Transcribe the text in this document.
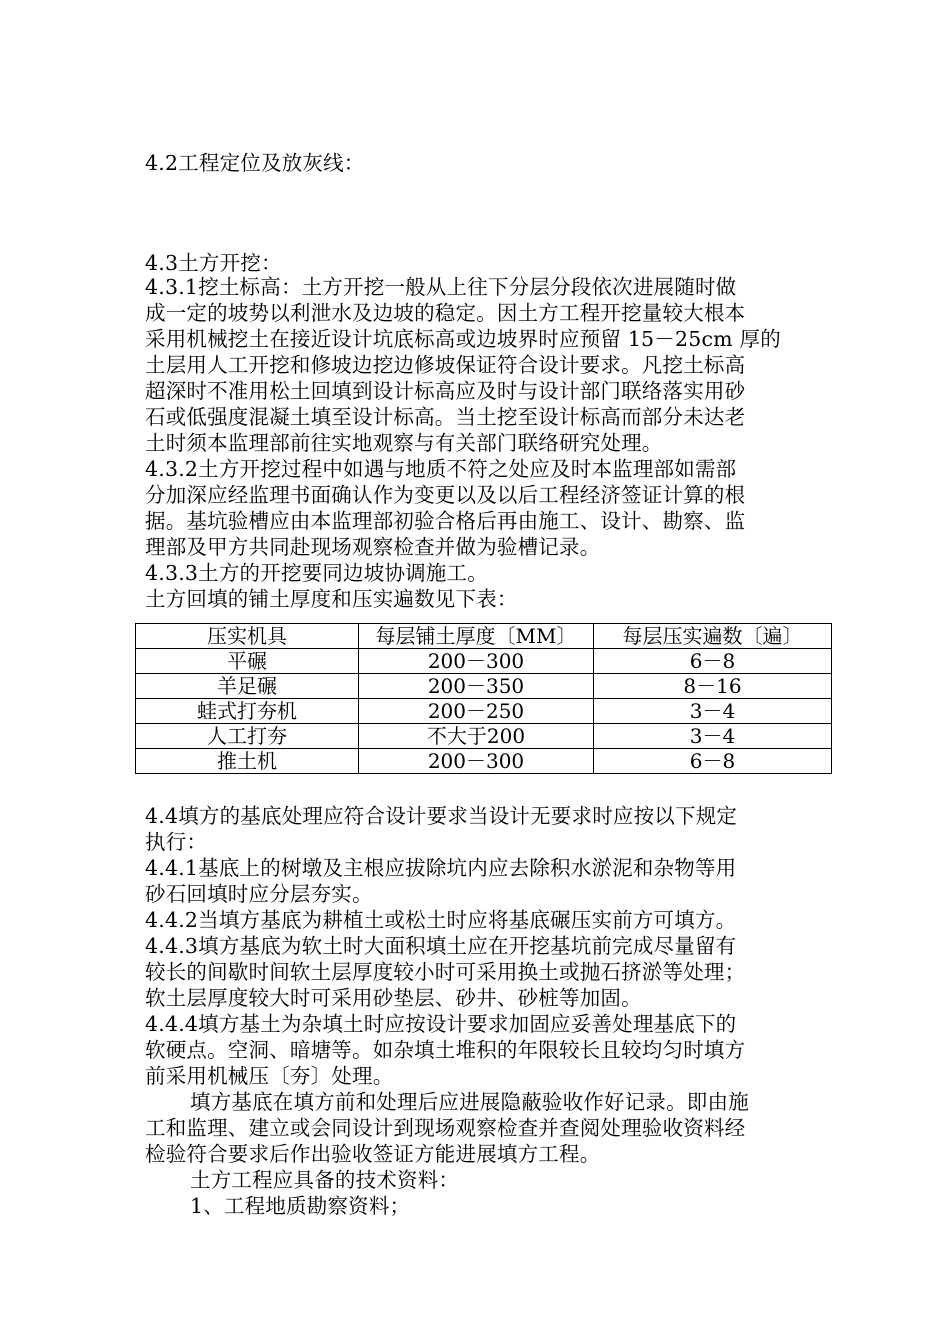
4.2工程定位及放灰线：
4.3土方开挖：
4.3.1挖土标高：土方开挖一般从上往下分层分段依次进展随时做
成一定的坡势以利泄水及边坡的稳定。因土方工程开挖量较大根本
采用机械挖土在接近设计坑底标高或边坡界时应预留 15－25cm 厚的
土层用人工开挖和修坡边挖边修坡保证符合设计要求。凡挖土标高
超深时不准用松土回填到设计标高应及时与设计部门联络落实用砂
石或低强度混凝土填至设计标高。当土挖至设计标高而部分未达老
土时须本监理部前往实地观察与有关部门联络研究处理。
4.3.2土方开挖过程中如遇与地质不符之处应及时本监理部如需部
分加深应经监理书面确认作为变更以及以后工程经济签证计算的根
据。基坑验槽应由本监理部初验合格后再由施工、设计、勘察、监
理部及甲方共同赴现场观察检查并做为验槽记录。
4.3.3土方的开挖要同边坡协调施工。
土方回填的铺土厚度和压实遍数见下表：
压实机具	每层铺土厚度〔MM〕	每层压实遍数〔遍〕
平碾	200－300	6－8
羊足碾	200－350	8－16
蛙式打夯机	200－250	3－4
人工打夯	不大于200	3－4
推土机	200－300	6－8
4.4填方的基底处理应符合设计要求当设计无要求时应按以下规定
执行：
4.4.1基底上的树墩及主根应拔除坑内应去除积水淤泥和杂物等用
砂石回填时应分层夯实。
4.4.2当填方基底为耕植土或松土时应将基底碾压实前方可填方。
4.4.3填方基底为软土时大面积填土应在开挖基坑前完成尽量留有
较长的间歇时间软土层厚度较小时可采用换土或抛石挤淤等处理；
软土层厚度较大时可采用砂垫层、砂井、砂桩等加固。
4.4.4填方基土为杂填土时应按设计要求加固应妥善处理基底下的
软硬点。空洞、暗塘等。如杂填土堆积的年限较长且较均匀时填方
前采用机械压〔夯〕处理。
填方基底在填方前和处理后应进展隐蔽验收作好记录。即由施
工和监理、建立或会同设计到现场观察检查并查阅处理验收资料经
检验符合要求后作出验收签证方能进展填方工程。
土方工程应具备的技术资料：
1、工程地质勘察资料；
